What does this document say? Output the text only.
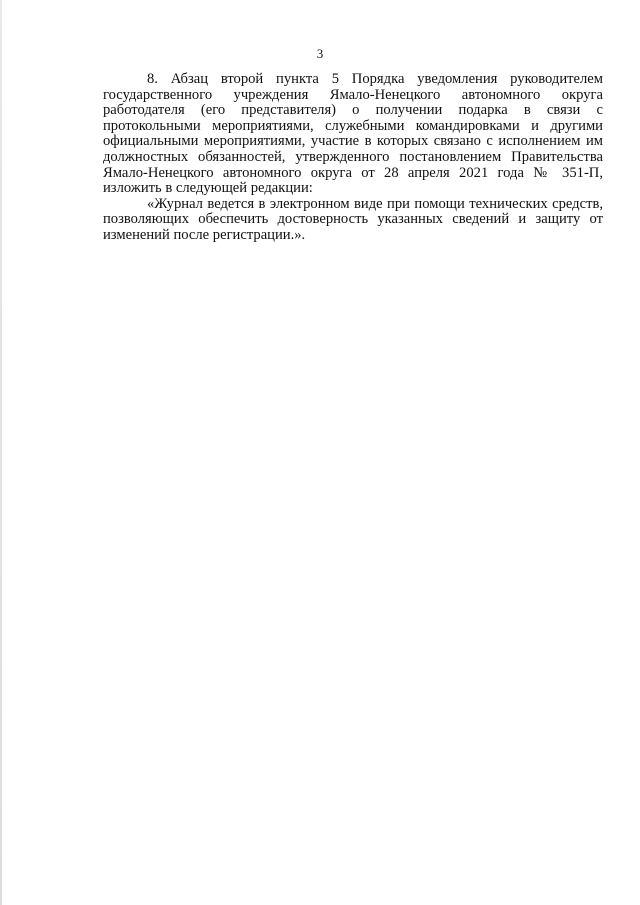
3

8. Абзац второй пункта 5 Порядка уведомления руководителем государственного учреждения Ямало-Ненецкого автономного округа работодателя (его представителя) о получении подарка в связи с протокольными мероприятиями, служебными командировками и другими официальными мероприятиями, участие в которых связано с исполнением им должностных обязанностей, утвержденного постановлением Правительства Ямало-Ненецкого автономного округа от 28 апреля 2021 года № 351-П, изложить в следующей редакции:

«Журнал ведется в электронном виде при помощи технических средств, позволяющих обеспечить достоверность указанных сведений и защиту от изменений после регистрации.».
